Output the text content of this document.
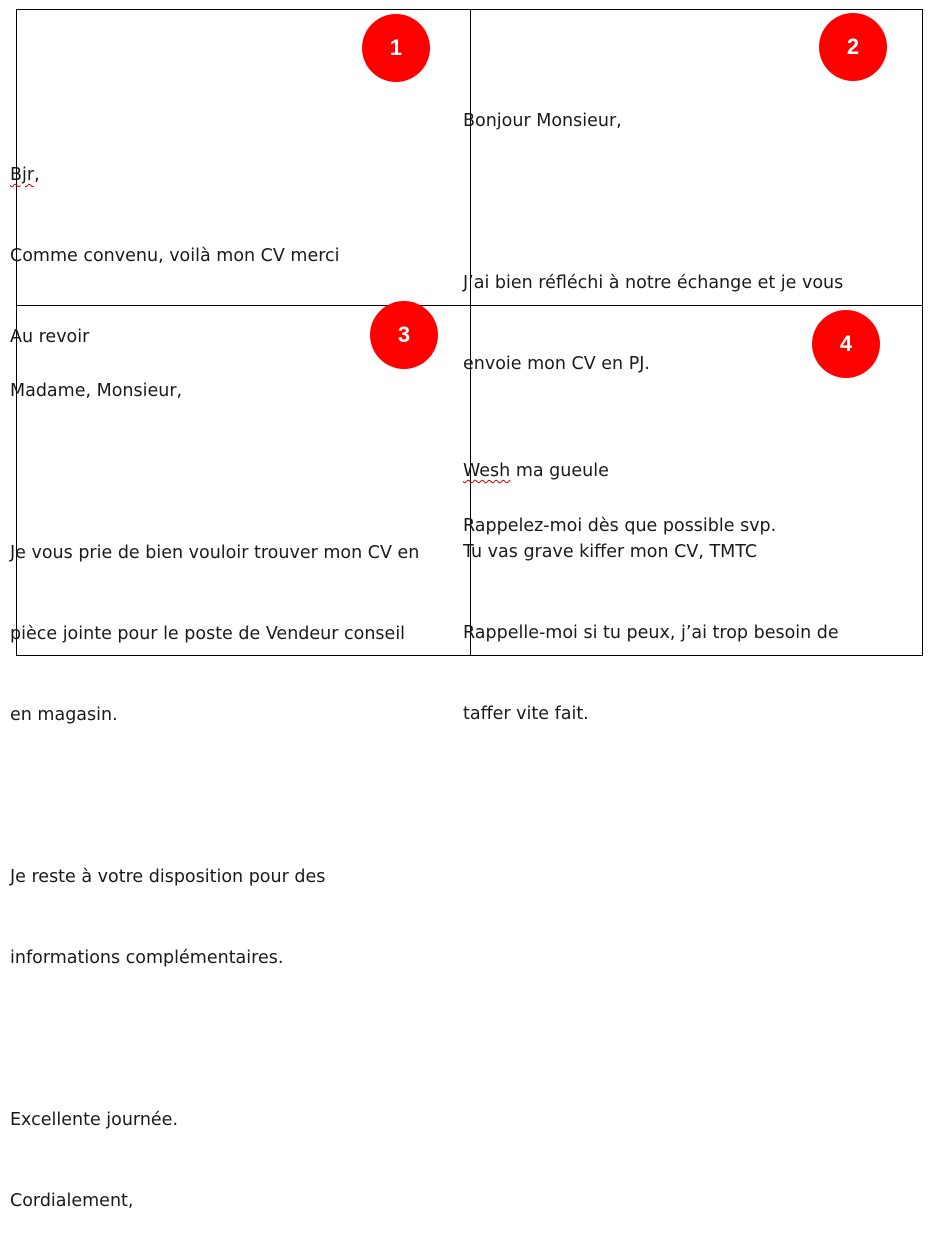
1

Bjr,

Comme convenu, voilà mon CV merci

Au revoir

2

Bonjour Monsieur,

J’ai bien réfléchi à notre échange et je vous

envoie mon CV en PJ.

Rappelez-moi dès que possible svp.

3

Madame, Monsieur,

Je vous prie de bien vouloir trouver mon CV en

pièce jointe pour le poste de Vendeur conseil

en magasin.

Je reste à votre disposition pour des

informations complémentaires.

Excellente journée.

Cordialement,

4

Wesh ma gueule

Tu vas grave kiffer mon CV, TMTC

Rappelle-moi si tu peux, j’ai trop besoin de

taffer vite fait.
